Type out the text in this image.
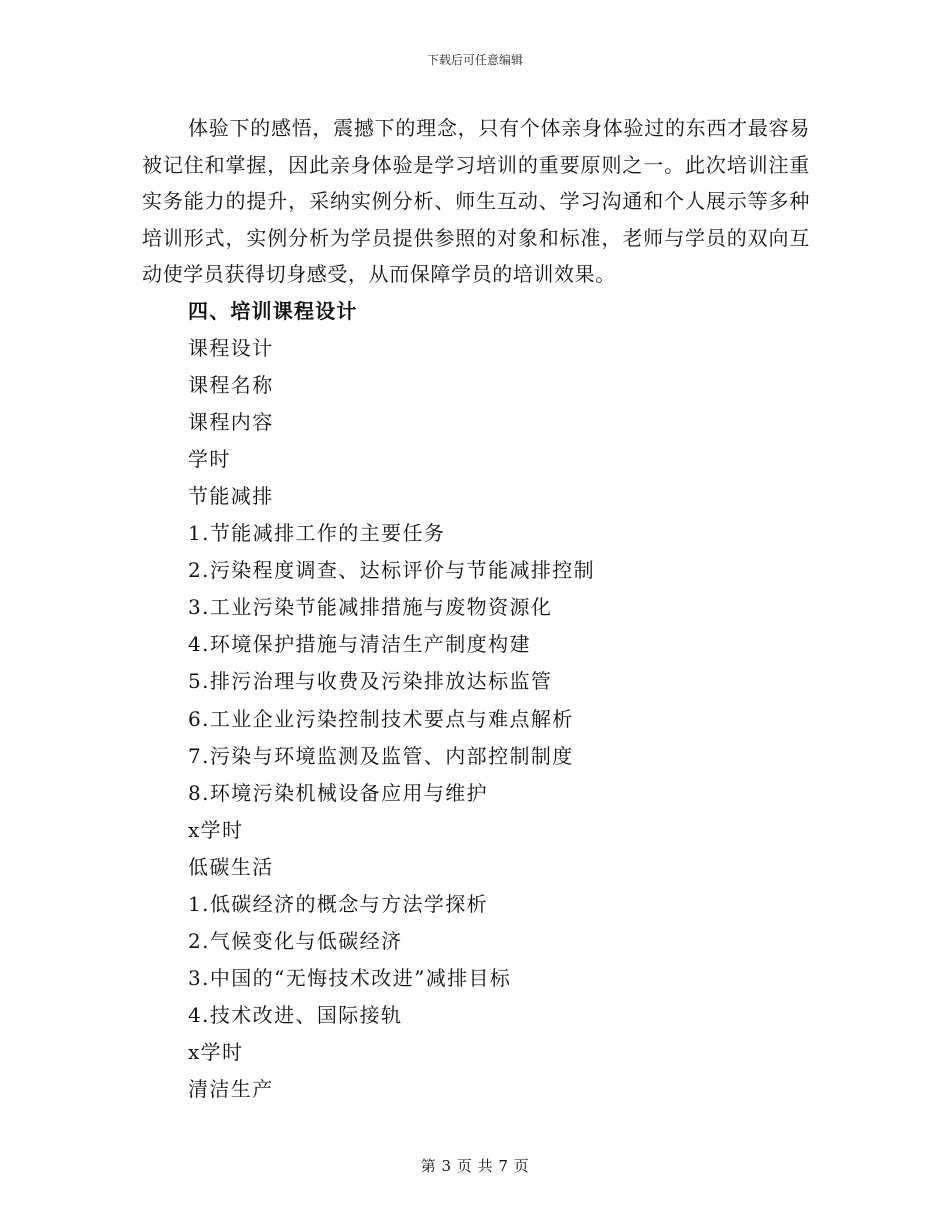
下载后可任意编辑

体验下的感悟，震撼下的理念，只有个体亲身体验过的东西才最容易被记住和掌握，因此亲身体验是学习培训的重要原则之一。此次培训注重实务能力的提升，采纳实例分析、师生互动、学习沟通和个人展示等多种培训形式，实例分析为学员提供参照的对象和标准，老师与学员的双向互动使学员获得切身感受，从而保障学员的培训效果。

四、培训课程设计
课程设计
课程名称
课程内容
学时
节能减排
1.节能减排工作的主要任务
2.污染程度调查、达标评价与节能减排控制
3.工业污染节能减排措施与废物资源化
4.环境保护措施与清洁生产制度构建
5.排污治理与收费及污染排放达标监管
6.工业企业污染控制技术要点与难点解析
7.污染与环境监测及监管、内部控制制度
8.环境污染机械设备应用与维护
x学时
低碳生活
1.低碳经济的概念与方法学探析
2.气候变化与低碳经济
3.中国的“无悔技术改进”减排目标
4.技术改进、国际接轨
x学时
清洁生产
第 3 页 共 7 页
